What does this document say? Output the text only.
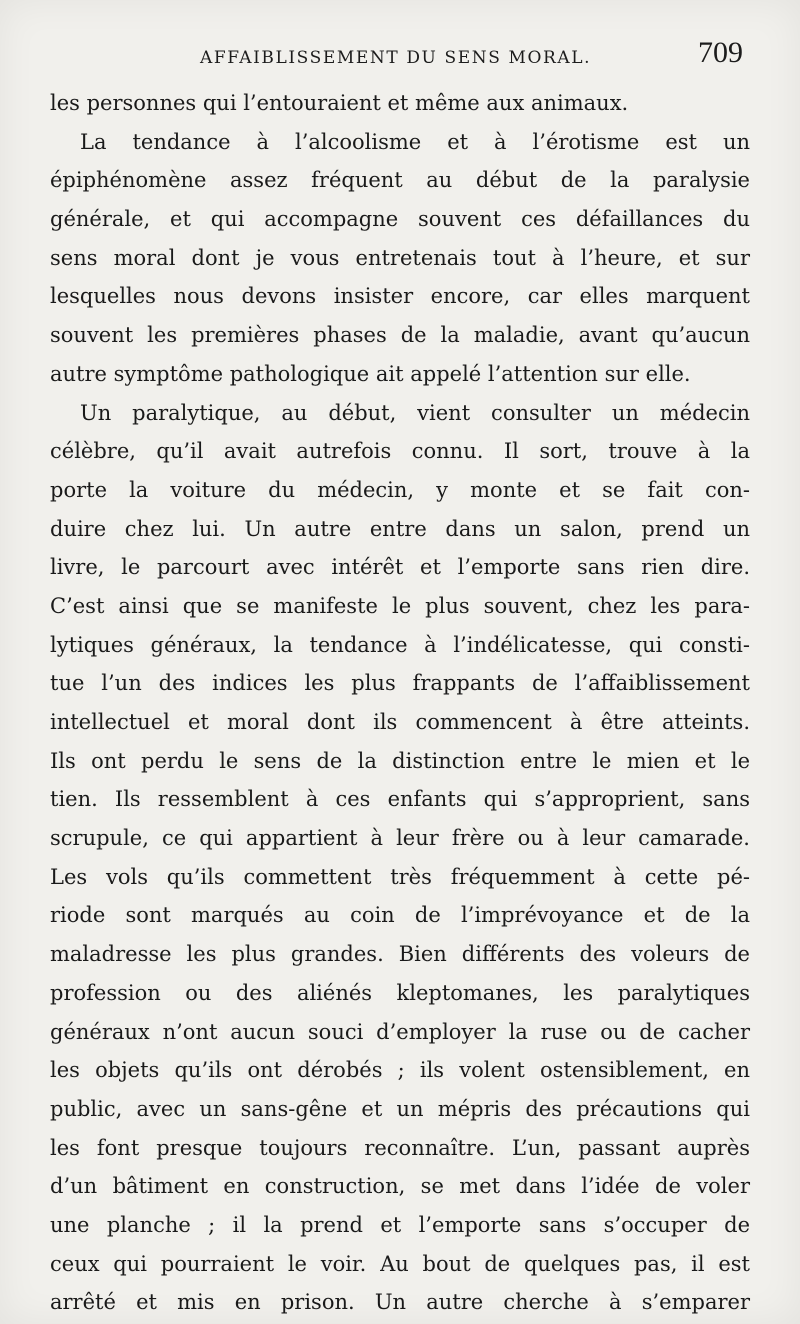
AFFAIBLISSEMENT DU SENS MORAL.	709
les personnes qui l’entouraient et même aux animaux.
La tendance à l’alcoolisme et à l’érotisme est un
épiphénomène assez fréquent au début de la paralysie
générale, et qui accompagne souvent ces défaillances du
sens moral dont je vous entretenais tout à l’heure, et sur
lesquelles nous devons insister encore, car elles marquent
souvent les premières phases de la maladie, avant qu’aucun
autre symptôme pathologique ait appelé l’attention sur elle.
Un paralytique, au début, vient consulter un médecin
célèbre, qu’il avait autrefois connu. Il sort, trouve à la
porte la voiture du médecin, y monte et se fait con-
duire chez lui. Un autre entre dans un salon, prend un
livre, le parcourt avec intérêt et l’emporte sans rien dire.
C’est ainsi que se manifeste le plus souvent, chez les para-
lytiques généraux, la tendance à l’indélicatesse, qui consti-
tue l’un des indices les plus frappants de l’affaiblissement
intellectuel et moral dont ils commencent à être atteints.
Ils ont perdu le sens de la distinction entre le mien et le
tien. Ils ressemblent à ces enfants qui s’approprient, sans
scrupule, ce qui appartient à leur frère ou à leur camarade.
Les vols qu’ils commettent très fréquemment à cette pé-
riode sont marqués au coin de l’imprévoyance et de la
maladresse les plus grandes. Bien différents des voleurs de
profession ou des aliénés kleptomanes, les paralytiques
généraux n’ont aucun souci d’employer la ruse ou de cacher
les objets qu’ils ont dérobés ; ils volent ostensiblement, en
public, avec un sans-gêne et un mépris des précautions qui
les font presque toujours reconnaître. L’un, passant auprès
d’un bâtiment en construction, se met dans l’idée de voler
une planche ; il la prend et l’emporte sans s’occuper de
ceux qui pourraient le voir. Au bout de quelques pas, il est
arrêté et mis en prison. Un autre cherche à s’emparer
